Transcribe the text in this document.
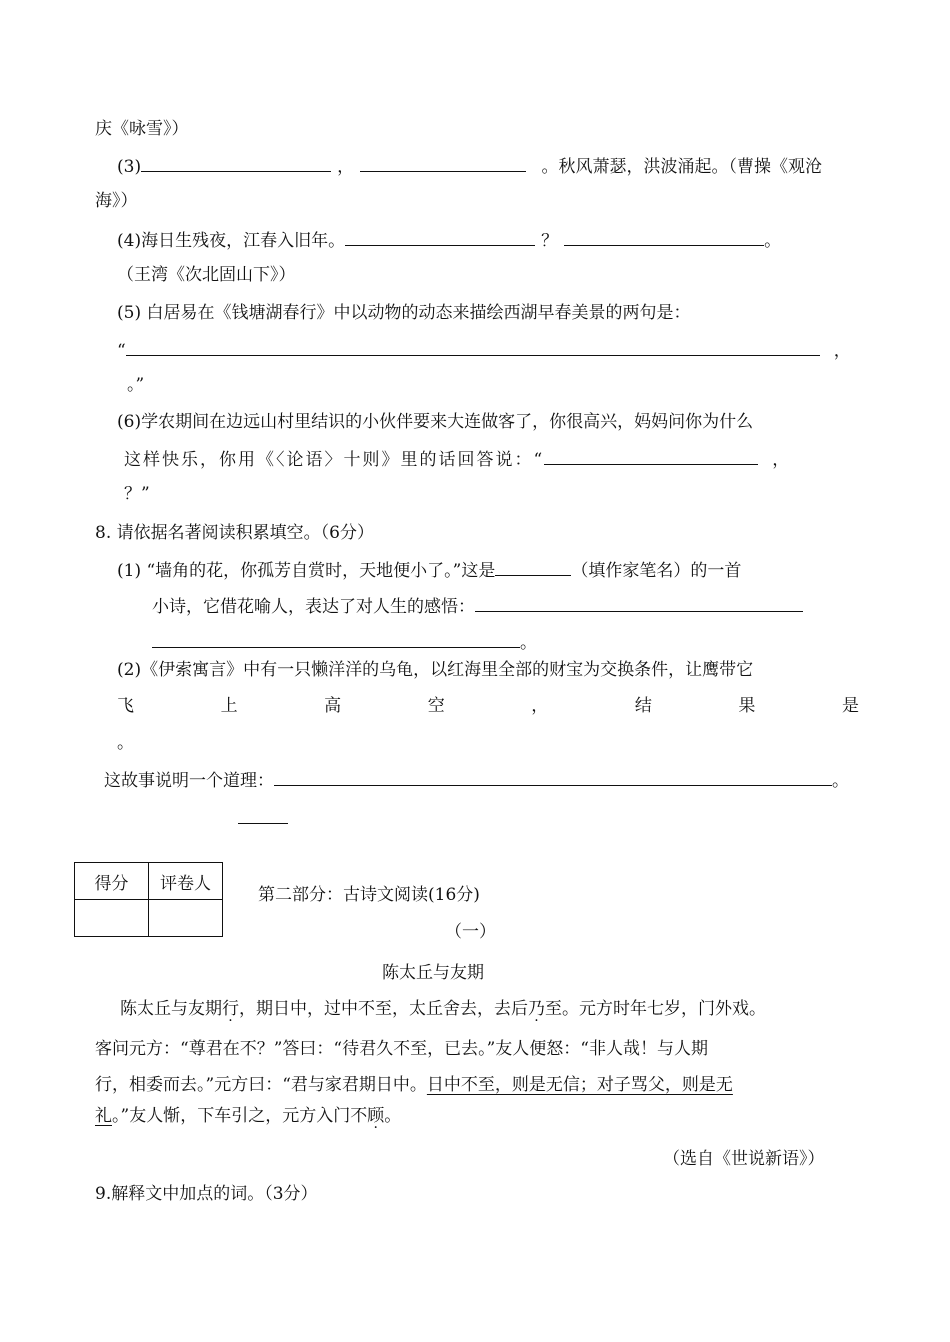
庆《咏雪》）
(3)	，	。秋风萧瑟，洪波涌起。（曹操《观沧
海》）
(4)海日生残夜，江春入旧年。	？	。
（王湾《次北固山下》）
(5) 白居易在《钱塘湖春行》中以动物的动态来描绘西湖早春美景的两句是：
“	，
。”
(6)学农期间在边远山村里结识的小伙伴要来大连做客了，你很高兴，妈妈问你为什么
这样快乐，你用《〈论语〉十则》里的话回答说：“	，
？”
8. 请依据名著阅读积累填空。（6分）
(1) “墙角的花，你孤芳自赏时，天地便小了。”这是	（填作家笔名）的一首
小诗，它借花喻人，表达了对人生的感悟：
。
(2)《伊索寓言》中有一只懒洋洋的乌龟，以红海里全部的财宝为交换条件，让鹰带它
飞	上	高	空	，	结	果	是
。
这故事说明一个道理：	。
得分	评卷人

第二部分：古诗文阅读(16分)
（一）
陈太丘与友期
陈太丘与友期行，期日中，过中不至，太丘舍去，去后乃至。元方时年七岁，门外戏。
客问元方：“尊君在不？”答曰：“待君久不至，已去。”友人便怒：“非人哉！与人期
行，相委而去。”元方曰：“君与家君期日中。日中不至，则是无信；对子骂父，则是无
礼。”友人惭，下车引之，元方入门不顾。
（选自《世说新语》）
9.解释文中加点的词。（3分）
